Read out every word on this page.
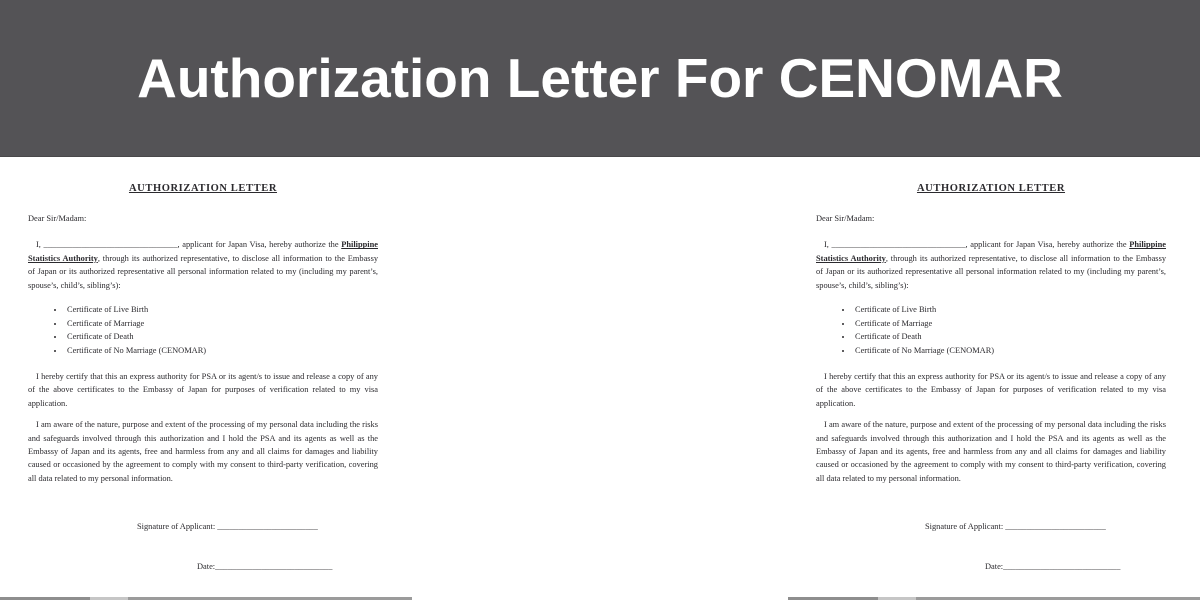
Authorization Letter For CENOMAR
AUTHORIZATION LETTER

Dear Sir/Madam:

I, ________________________________, applicant for Japan Visa, hereby authorize the Philippine Statistics Authority, through its authorized representative, to disclose all information to the Embassy of Japan or its authorized representative all personal information related to my (including my parent’s, spouse’s, child’s, sibling’s):

• Certificate of Live Birth
• Certificate of Marriage
• Certificate of Death
• Certificate of No Marriage (CENOMAR)

I hereby certify that this an express authority for PSA or its agent/s to issue and release a copy of any of the above certificates to the Embassy of Japan for purposes of verification related to my visa application.

I am aware of the nature, purpose and extent of the processing of my personal data including the risks and safeguards involved through this authorization and I hold the PSA and its agents as well as the Embassy of Japan and its agents, free and harmless from any and all claims for damages and liability caused or occasioned by the agreement to comply with my consent to third-party verification, covering all data related to my personal information.

Signature of Applicant: ________________________
Date:____________________________
AUTHORIZATION LETTER

Dear Sir/Madam:

I, ________________________________, applicant for Japan Visa, hereby authorize the Philippine Statistics Authority, through its authorized representative, to disclose all information to the Embassy of Japan or its authorized representative all personal information related to my (including my parent’s, spouse’s, child’s, sibling’s):

• Certificate of Live Birth
• Certificate of Marriage
• Certificate of Death
• Certificate of No Marriage (CENOMAR)

I hereby certify that this an express authority for PSA or its agent/s to issue and release a copy of any of the above certificates to the Embassy of Japan for purposes of verification related to my visa application.

I am aware of the nature, purpose and extent of the processing of my personal data including the risks and safeguards involved through this authorization and I hold the PSA and its agents as well as the Embassy of Japan and its agents, free and harmless from any and all claims for damages and liability caused or occasioned by the agreement to comply with my consent to third-party verification, covering all data related to my personal information.

Signature of Applicant: ________________________
Date:____________________________
